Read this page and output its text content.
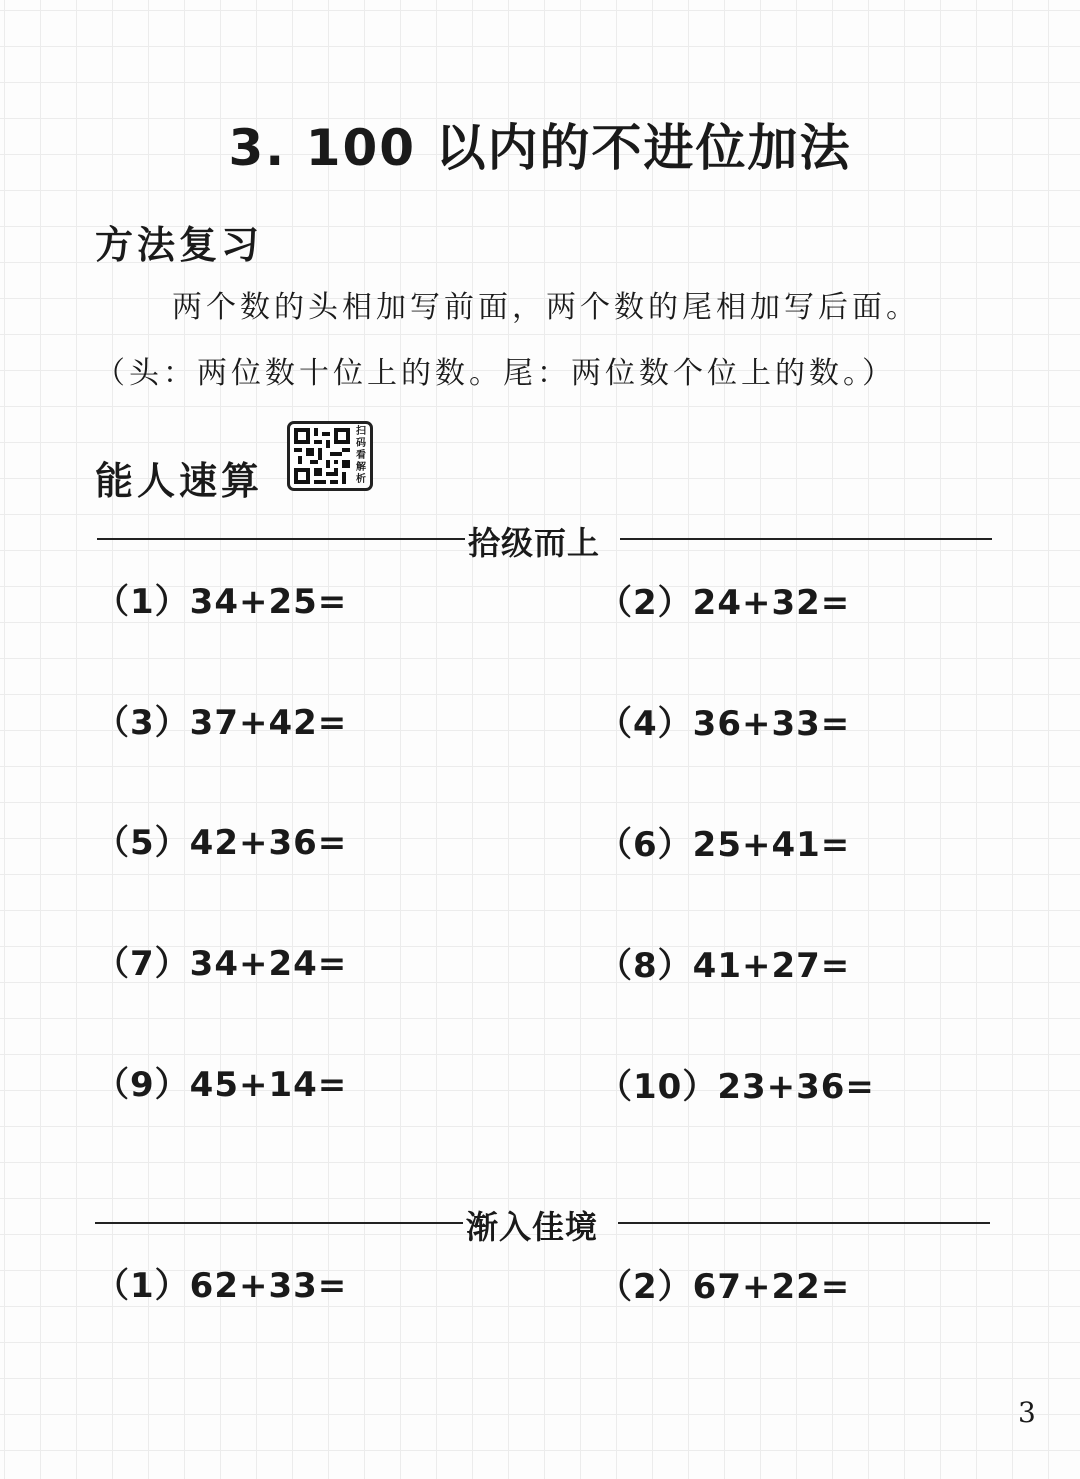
3. 100 以内的不进位加法
方法复习
两个数的头相加写前面，两个数的尾相加写后面。
（头：两位数十位上的数。尾：两位数个位上的数。）
能人速算
扫码看解析
拾级而上
（1）34+25=	（2）24+32=
（3）37+42=	（4）36+33=
（5）42+36=	（6）25+41=
（7）34+24=	（8）41+27=
（9）45+14=	（10）23+36=
渐入佳境
（1）62+33=	（2）67+22=
3
